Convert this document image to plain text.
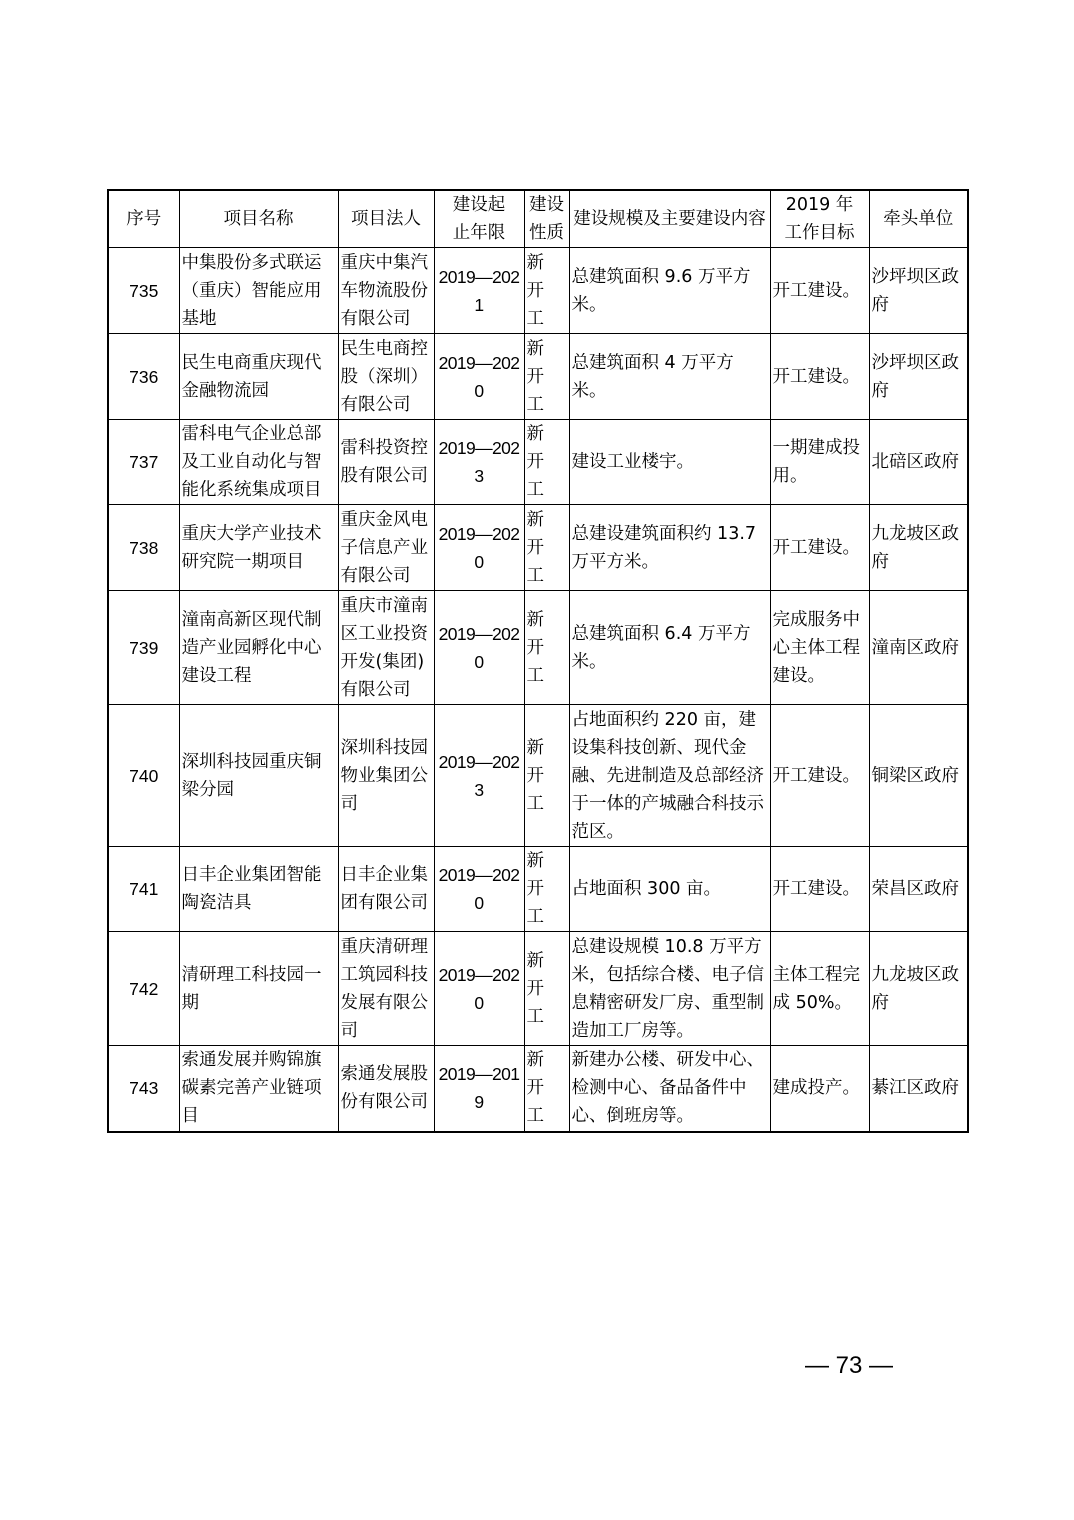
序号	项目名称	项目法人	建设起止年限	建设性质	建设规模及主要建设内容	2019 年工作目标	牵头单位
735	中集股份多式联运（重庆）智能应用基地	重庆中集汽车物流股份有限公司	2019—2021	新开工	总建筑面积 9.6 万平方米。	开工建设。	沙坪坝区政府
736	民生电商重庆现代金融物流园	民生电商控股（深圳）有限公司	2019—2020	新开工	总建筑面积 4 万平方米。	开工建设。	沙坪坝区政府
737	雷科电气企业总部及工业自动化与智能化系统集成项目	雷科投资控股有限公司	2019—2023	新开工	建设工业楼宇。	一期建成投用。	北碚区政府
738	重庆大学产业技术研究院一期项目	重庆金风电子信息产业有限公司	2019—2020	新开工	总建设建筑面积约 13.7 万平方米。	开工建设。	九龙坡区政府
739	潼南高新区现代制造产业园孵化中心建设工程	重庆市潼南区工业投资开发(集团)有限公司	2019—2020	新开工	总建筑面积 6.4 万平方米。	完成服务中心主体工程建设。	潼南区政府
740	深圳科技园重庆铜梁分园	深圳科技园物业集团公司	2019—2023	新开工	占地面积约 220 亩，建设集科技创新、现代金融、先进制造及总部经济于一体的产城融合科技示范区。	开工建设。	铜梁区政府
741	日丰企业集团智能陶瓷洁具	日丰企业集团有限公司	2019—2020	新开工	占地面积 300 亩。	开工建设。	荣昌区政府
742	清研理工科技园一期	重庆清研理工筑园科技发展有限公司	2019—2020	新开工	总建设规模 10.8 万平方米，包括综合楼、电子信息精密研发厂房、重型制造加工厂房等。	主体工程完成 50%。	九龙坡区政府
743	索通发展并购锦旗碳素完善产业链项目	索通发展股份有限公司	2019—2019	新开工	新建办公楼、研发中心、检测中心、备品备件中心、倒班房等。	建成投产。	綦江区政府
— 73 —
